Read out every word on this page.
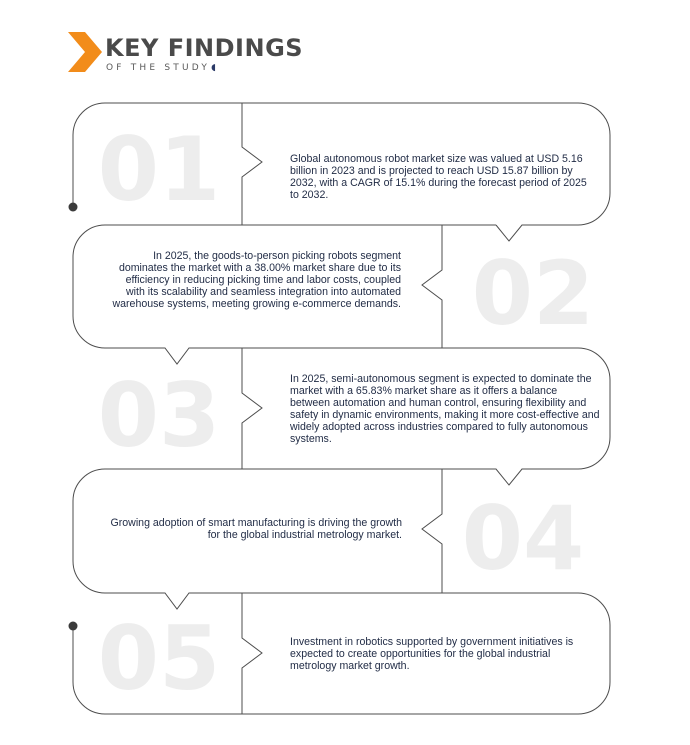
KEY FINDINGS
OF THE STUDY◖
01
02
03
04
05
Global autonomous robot market size was valued at USD 5.16 billion in 2023 and is projected to reach USD 15.87 billion by 2032, with a CAGR of 15.1% during the forecast period of 2025 to 2032.
In 2025, the goods-to-person picking robots segment dominates the market with a 38.00% market share due to its efficiency in reducing picking time and labor costs, coupled with its scalability and seamless integration into automated warehouse systems, meeting growing e-commerce demands.
In 2025, semi-autonomous segment is expected to dominate the market with a 65.83% market share as it offers a balance between automation and human control, ensuring flexibility and safety in dynamic environments, making it more cost-effective and widely adopted across industries compared to fully autonomous systems.
Growing adoption of smart manufacturing is driving the growth for the global industrial metrology market.
Investment in robotics supported by government initiatives is expected to create opportunities for the global industrial metrology market growth.
